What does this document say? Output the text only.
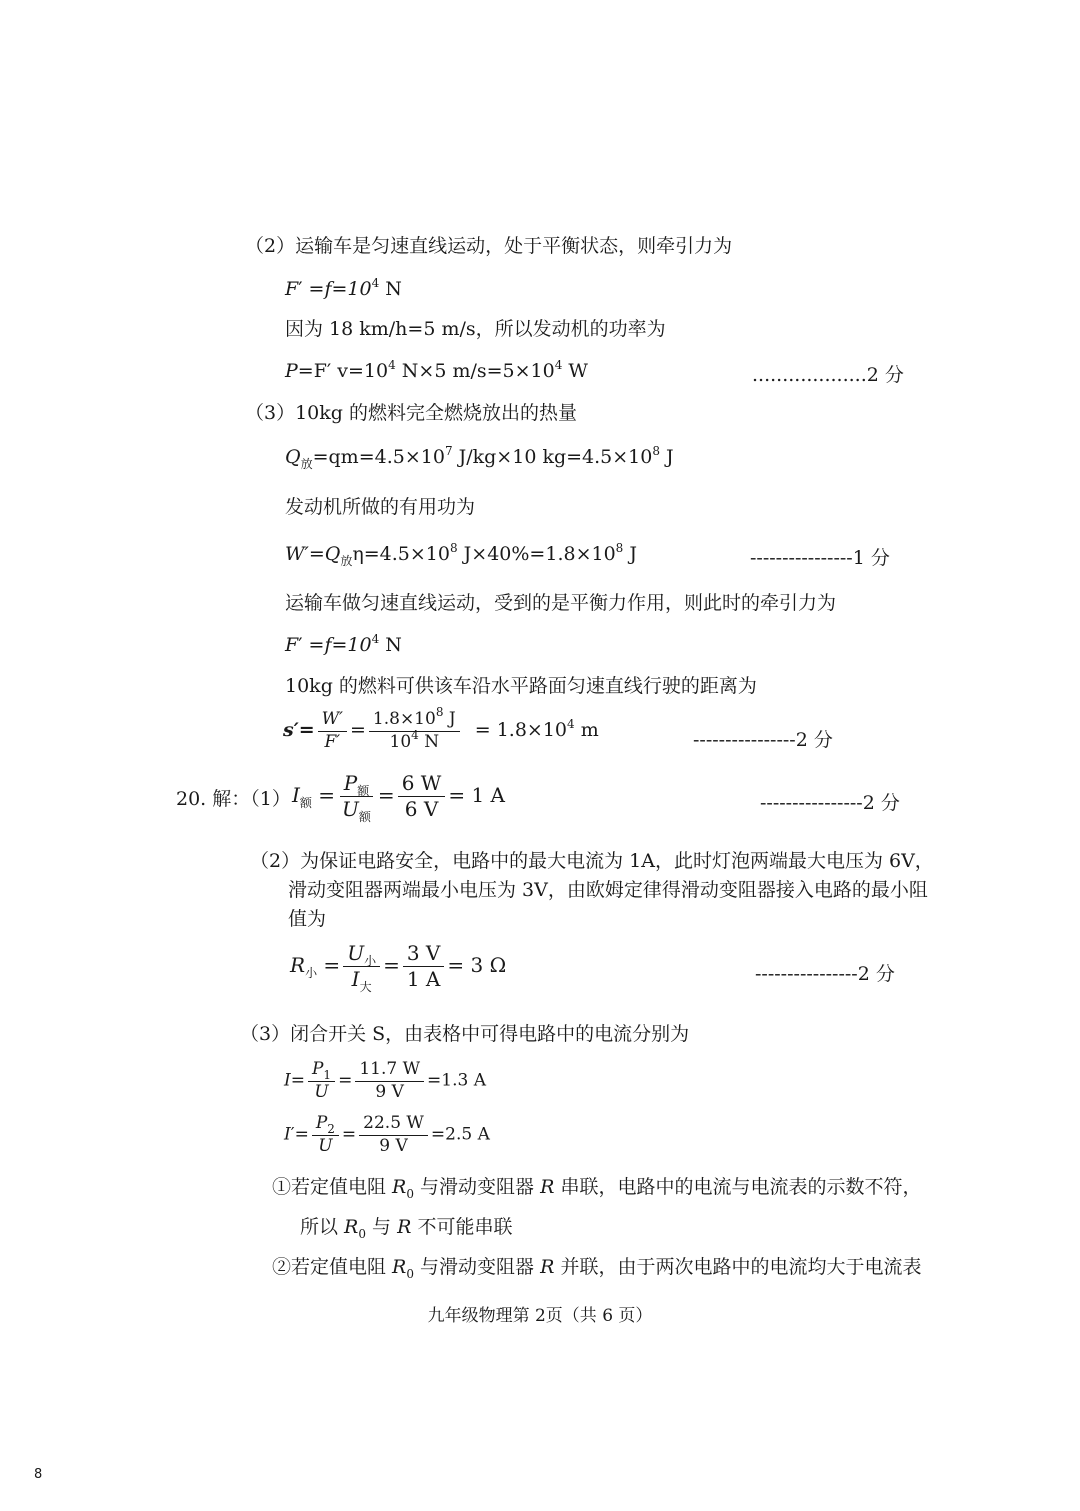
（2）运输车是匀速直线运动，处于平衡状态，则牵引力为
$F' =f=10^4$ N
因为 18 km/h=5 m/s，所以发动机的功率为
P=F′ $v=10^4$ N×5 $m/s=5\times 10^4$ W	...................2 分
（3）10kg 的燃料完全燃烧放出的热量
$Q_放=qm=4.5\times 10^7$ J/kg×10 $kg=4.5\times 10^8$ J
发动机所做的有用功为
$W'=Q_放\eta=4.5\times 10^8$ $J\times 40\%=1.8\times 10^8$ J	----------------1 分
运输车做匀速直线运动，受到的是平衡力作用，则此时的牵引力为
$F' =f=10^4$ N
10kg 的燃料可供该车沿水平路面匀速直线行驶的距离为
$s'= \frac{W'}{F'} = \frac{1.8\times 10^8 J}{10^4 N} = 1.8\times 10^4$ m	----------------2 分
20. 解：（1） $I_额 = \frac{P_额}{U_额} = \frac{6 W}{6 V} = 1$ A	----------------2 分
（2）为保证电路安全，电路中的最大电流为 1A，此时灯泡两端最大电压为 6V，
滑动变阻器两端最小电压为 3V，由欧姆定律得滑动变阻器接入电路的最小阻
值为
$R_小 = \frac{U_小}{I_大} = \frac{3 V}{1 A} = 3$ Ω	----------------2 分
（3）闭合开关 S，由表格中可得电路中的电流分别为
$I= \frac{P_1}{U} = \frac{11.7 W}{9 V} =1.3$ A
$I'= \frac{P_2}{U} = \frac{22.5 W}{9 V} =2.5$ A
①若定值电阻 $R_0$ 与滑动变阻器 R 串联，电路中的电流与电流表的示数不符，
所以 $R_0$ 与 R 不可能串联
②若定值电阻 $R_0$ 与滑动变阻器 R 并联，由于两次电路中的电流均大于电流表
九年级物理第 2页（共 6 页）
8
